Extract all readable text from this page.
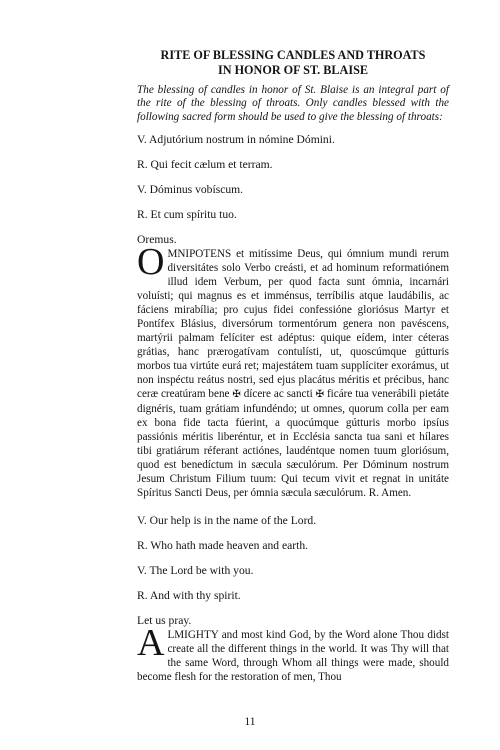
RITE OF BLESSING CANDLES AND THROATS
IN HONOR OF ST. BLAISE

The blessing of candles in honor of St. Blaise is an integral part of the rite of the blessing of throats. Only candles blessed with the following sacred form should be used to give the blessing of throats:

V. Adjutórium nostrum in nómine Dómini.

R. Qui fecit cælum et terram.

V. Dóminus vobíscum.

R. Et cum spíritu tuo.

Oremus.

OMNIPOTENS et mitíssime Deus, qui ómnium mundi rerum diversitátes solo Verbo creásti, et ad hominum reformatiónem illud idem Verbum, per quod facta sunt ómnia, incarnári voluísti; qui magnus es et imménsus, terríbilis atque laudábilis, ac fáciens mirabília; pro cujus fidei confessióne gloriósus Martyr et Pontífex Blásius, diversórum tormentórum genera non pavéscens, martýrii palmam felíciter est adéptus: quique eídem, inter céteras grátias, hanc prærogatívam contulísti, ut, quoscúmque gútturis morbos tua virtúte eurá ret; majestátem tuam supplíciter exorámus, ut non inspéctu reátus nostri, sed ejus placátus méritis et précibus, hanc ceræ creatúram bene ✠ dícere ac sancti ✠ ficáre tua venerábili pietáte dignéris, tuam grátiam infundéndo; ut omnes, quorum colla per eam ex bona fide tacta fúerint, a quocúmque gútturis morbo ipsíus passiónis méritis liberéntur, et in Ecclésia sancta tua sani et hílares tibi gratiárum réferant actiónes, laudéntque nomen tuum gloriósum, quod est benedíctum in sæcula sæculórum. Per Dóminum nostrum Jesum Christum Filium tuum: Qui tecum vivit et regnat in unitáte Spíritus Sancti Deus, per ómnia sæcula sæculórum. R. Amen.

V. Our help is in the name of the Lord.

R. Who hath made heaven and earth.

V. The Lord be with you.

R. And with thy spirit.

Let us pray.

ALMIGHTY and most kind God, by the Word alone Thou didst create all the different things in the world. It was Thy will that the same Word, through Whom all things were made, should become flesh for the restoration of men, Thou

11
